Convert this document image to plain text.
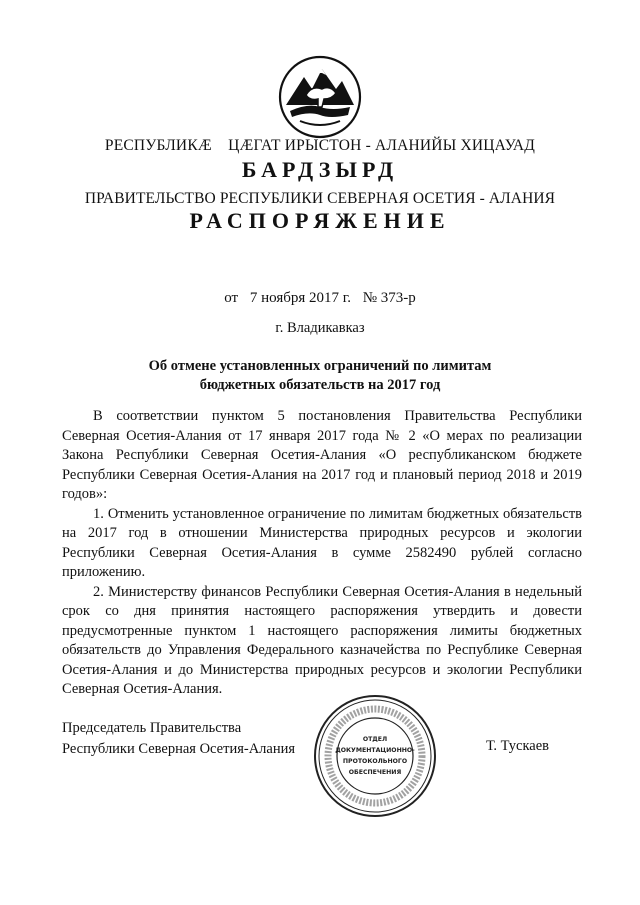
РЕСПУБЛИКӔ ЦӔГАТ ИРЫСТОН - АЛАНИЙЫ ХИЦАУАД
БАРДЗЫРД
ПРАВИТЕЛЬСТВО РЕСПУБЛИКИ СЕВЕРНАЯ ОСЕТИЯ - АЛАНИЯ
РАСПОРЯЖЕНИЕ
от 7 ноября 2017 г. № 373-р
г. Владикавказ
Об отмене установленных ограничений по лимитам
бюджетных обязательств на 2017 год

В соответствии пунктом 5 постановления Правительства Республики Северная Осетия-Алания от 17 января 2017 года № 2 «О мерах по реализации Закона Республики Северная Осетия-Алания «О республиканском бюджете Республики Северная Осетия-Алания на 2017 год и плановый период 2018 и 2019 годов»:

1. Отменить установленное ограничение по лимитам бюджетных обязательств на 2017 год в отношении Министерства природных ресурсов и экологии Республики Северная Осетия-Алания в сумме 2582490 рублей согласно приложению.

2. Министерству финансов Республики Северная Осетия-Алания в недельный срок со дня принятия настоящего распоряжения утвердить и довести предусмотренные пунктом 1 настоящего распоряжения лимиты бюджетных обязательств до Управления Федерального казначейства по Республике Северная Осетия-Алания и до Министерства природных ресурсов и экологии Республики Северная Осетия-Алания.

Председатель Правительства
Республики Северная Осетия-Алания
ОТДЕЛ
ДОКУМЕНТАЦИОННО-
ПРОТОКОЛЬНОГО
ОБЕСПЕЧЕНИЯ
Т. Тускаев
